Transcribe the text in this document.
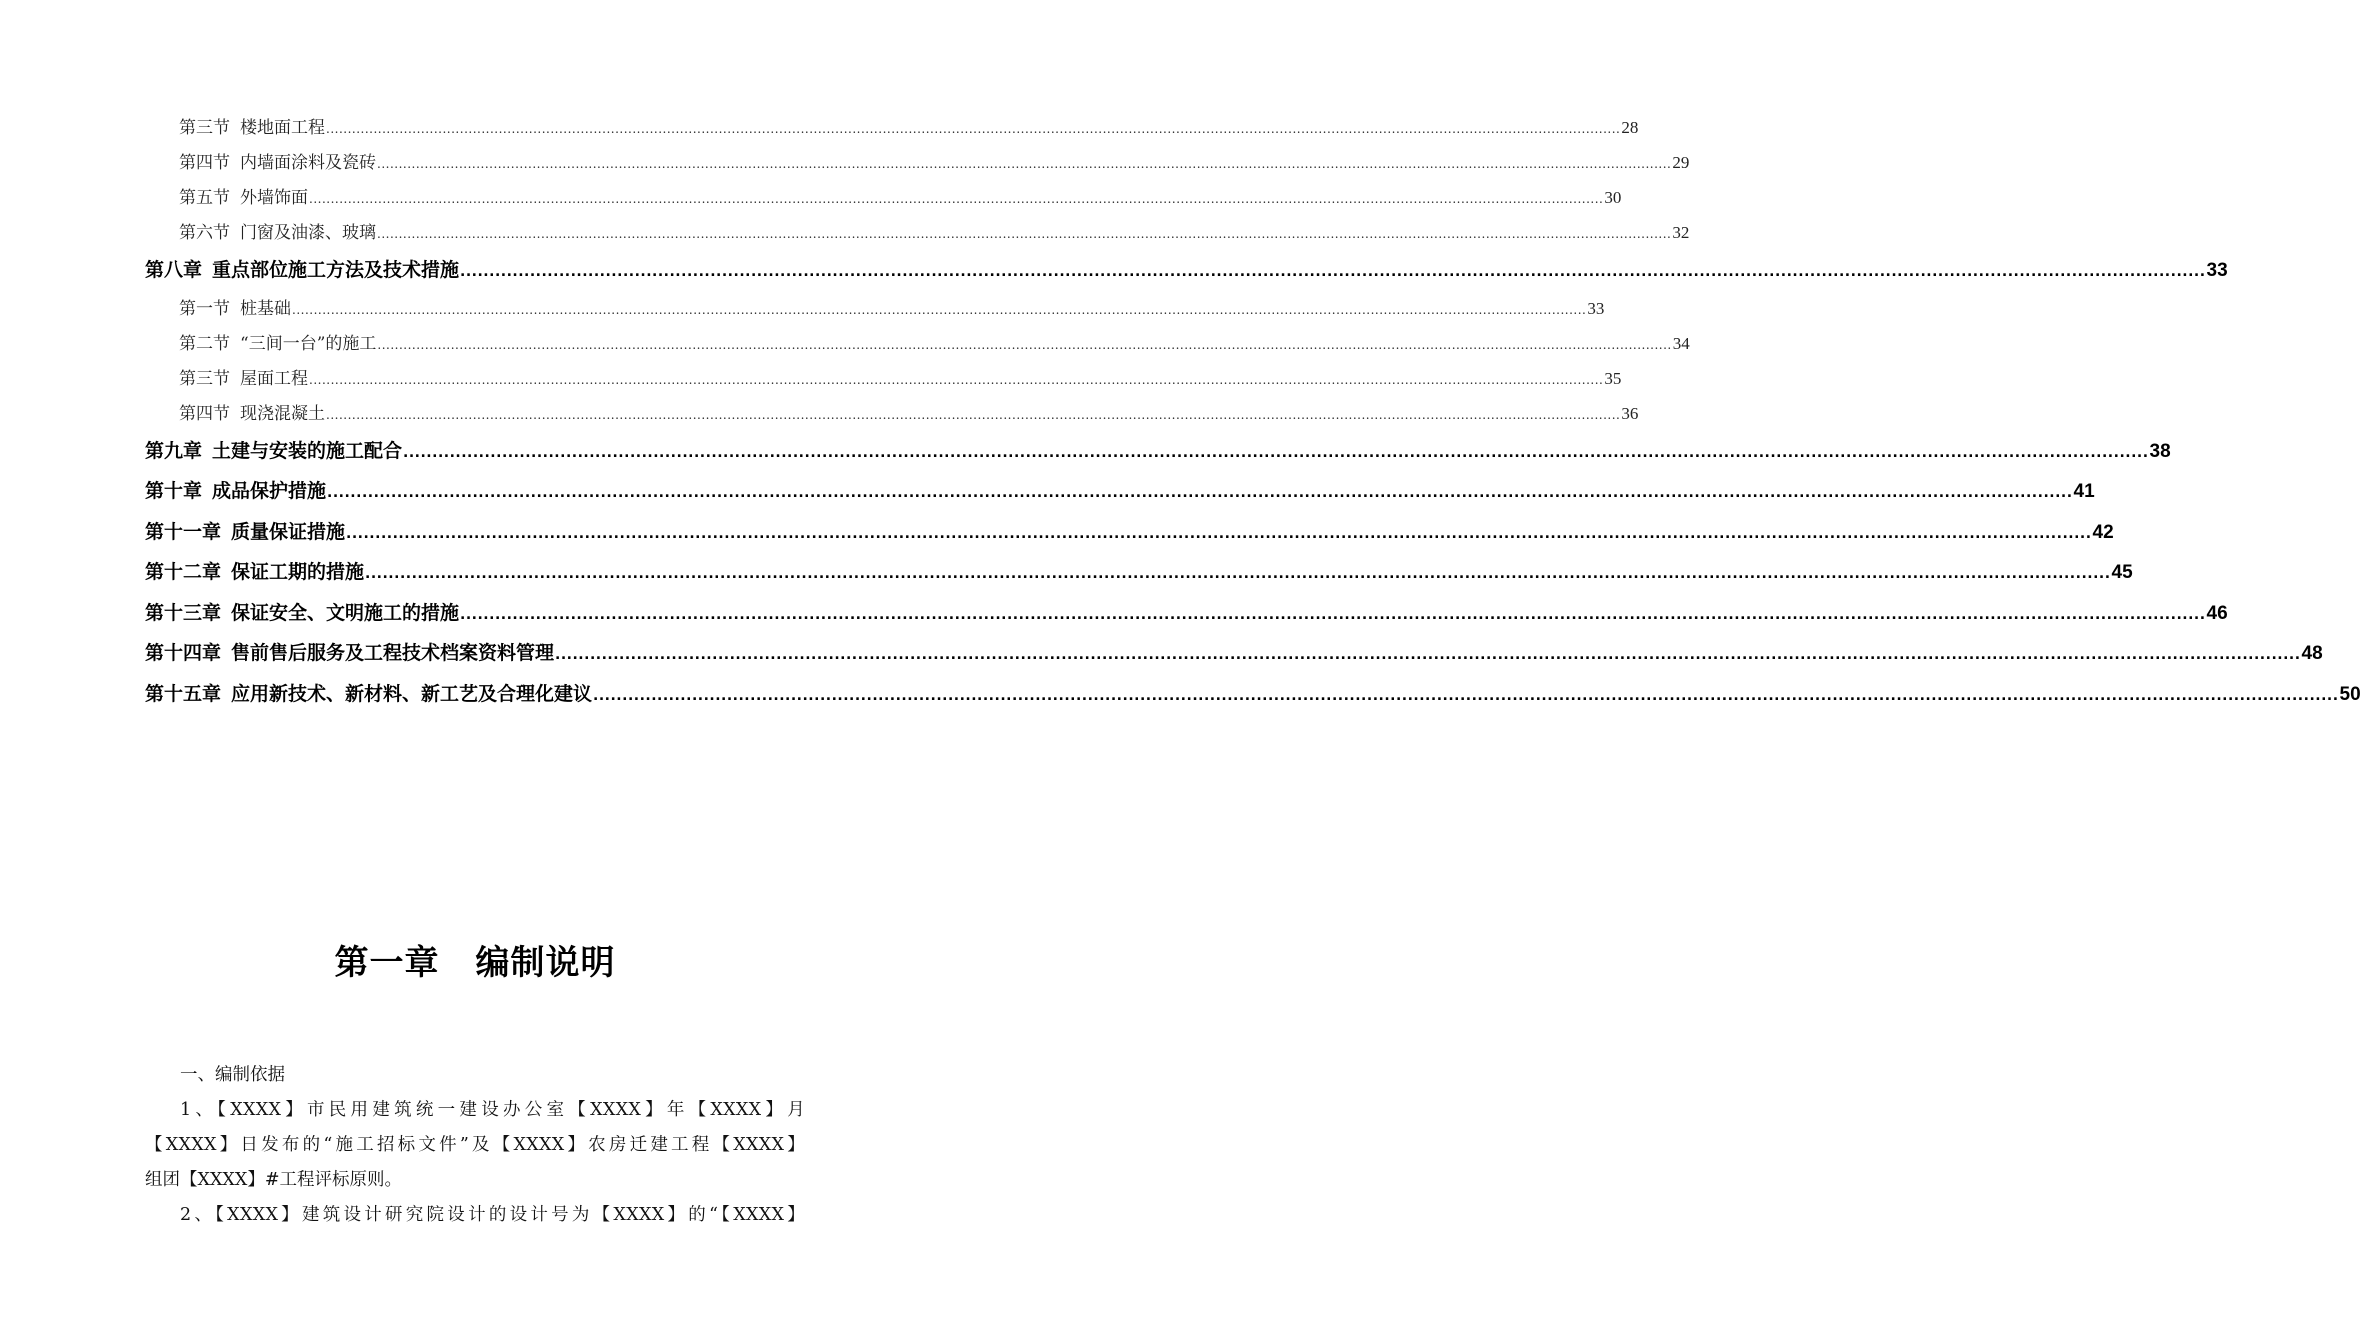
第三节 楼地面工程 ............................................................................................................................................................................................................................................................................................................ 28
第四节 内墙面涂料及瓷砖 ............................................................................................................................................................................................................................................................................................................ 29
第五节 外墙饰面 ............................................................................................................................................................................................................................................................................................................ 30
第六节 门窗及油漆、玻璃 ............................................................................................................................................................................................................................................................................................................ 32
第八章 重点部位施工方法及技术措施 ............................................................................................................................................................................................................................................................................................................ 33
第一节 桩基础 ............................................................................................................................................................................................................................................................................................................ 33
第二节 “三间一台”的施工 ............................................................................................................................................................................................................................................................................................................ 34
第三节 屋面工程 ............................................................................................................................................................................................................................................................................................................ 35
第四节 现浇混凝土 ............................................................................................................................................................................................................................................................................................................ 36
第九章 土建与安装的施工配合 ............................................................................................................................................................................................................................................................................................................ 38
第十章 成品保护措施 ............................................................................................................................................................................................................................................................................................................ 41
第十一章 质量保证措施 ............................................................................................................................................................................................................................................................................................................ 42
第十二章 保证工期的措施 ............................................................................................................................................................................................................................................................................................................ 45
第十三章 保证安全、文明施工的措施 ............................................................................................................................................................................................................................................................................................................ 46
第十四章 售前售后服务及工程技术档案资料管理 ............................................................................................................................................................................................................................................................................................................ 48
第十五章 应用新技术、新材料、新工艺及合理化建议 ............................................................................................................................................................................................................................................................................................................ 50
第一章 编制说明

一、编制依据

1、【XXXX】市民用建筑统一建设办公室【XXXX】年【XXXX】月

【XXXX】日发布的“施工招标文件”及【XXXX】农房迁建工程【XXXX】

组团【XXXX】#工程评标原则。

2、【XXXX】建筑设计研究院设计的设计号为【XXXX】的“【XXXX】
